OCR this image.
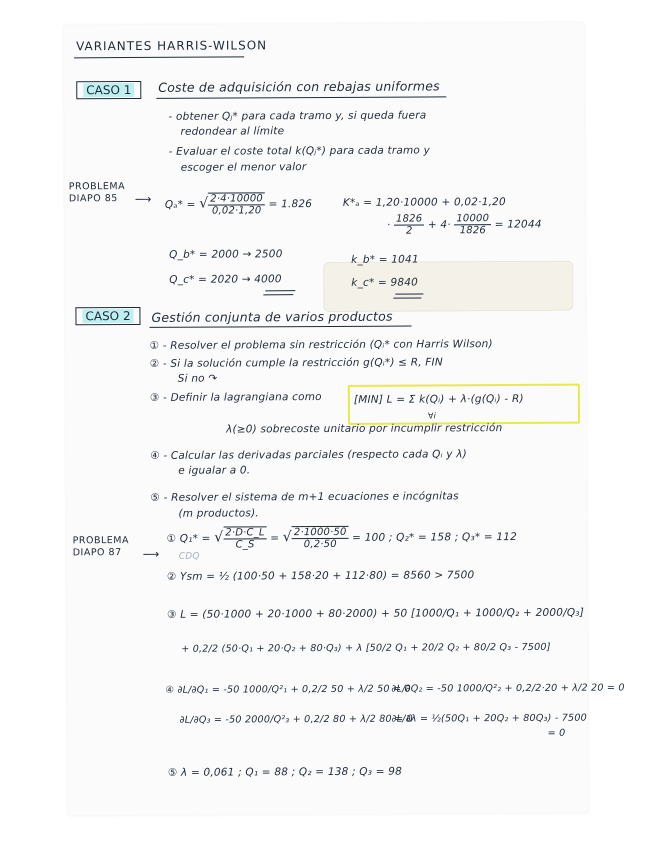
VARIANTES HARRIS-WILSON
CASO 1	Coste de adquisición con rebajas uniformes
- obtener Qⱼ* para cada tramo y, si queda fuera
redondear al límite
- Evaluar el coste total k(Qⱼ*) para cada tramo y
escoger el menor valor
PROBLEMA
DIAPO 85	⟶ Qₐ* = √ $\frac{2\cdot 4\cdot 10000}{0,02\cdot 1,20} = 1.826$	K*ₐ = 1,20·10000 + 0,02·1,20
· $\frac{1826}{2} + 4\cdot \frac{10000}{1826} = 12044$
Q_b* = 2000 → 2500
Q_c* = 2020 → 4000
k_b* = 1041
k_c* = 9840
CASO 2	Gestión conjunta de varios productos
① - Resolver el problema sin restricción (Qᵢ* con Harris Wilson)
② - Si la solución cumple la restricción g(Qᵢ*) ≤ R, FIN
Si no ↷
③ - Definir la lagrangiana como	[MIN] L = Σ k(Qᵢ) + λ·(g(Qᵢ) - R)
∀i
λ(≥0) sobrecoste unitario por incumplir restricción
④ - Calcular las derivadas parciales (respecto cada Qᵢ y λ)
e igualar a 0.
⑤ - Resolver el sistema de m+1 ecuaciones e incógnitas
(m productos).
PROBLEMA
DIAPO 87	⟶
① Q₁* = √ $\frac{2\cdot D\cdot C\_L}{C\_S}$ = √ $\frac{2\cdot 1000\cdot 50}{0,2\cdot 50} = 100$ ; Q₂* = 158 ; Q₃* = 112
CDQ
② Ysm = ½ (100·50 + 158·20 + 112·80) = 8560 > 7500
③ L = (50·1000 + 20·1000 + 80·2000) + 50 [1000/Q₁ + 1000/Q₂ + 2000/Q₃]
+ 0,2/2 (50·Q₁ + 20·Q₂ + 80·Q₃) + λ [50/2 Q₁ + 20/2 Q₂ + 80/2 Q₃ - 7500]
④ ∂L/∂Q₁ = -50 1000/Q²₁ + 0,2/2 50 + λ/2 50 = 0
∂L/∂Q₂ = -50 1000/Q²₂ + 0,2/2·20 + λ/2 20 = 0
∂L/∂Q₃ = -50 2000/Q²₃ + 0,2/2 80 + λ/2 80 = 0
∂L/∂λ = ½(50Q₁ + 20Q₂ + 80Q₃) - 7500
= 0
⑤ λ = 0,061 ; Q₁ = 88 ; Q₂ = 138 ; Q₃ = 98
